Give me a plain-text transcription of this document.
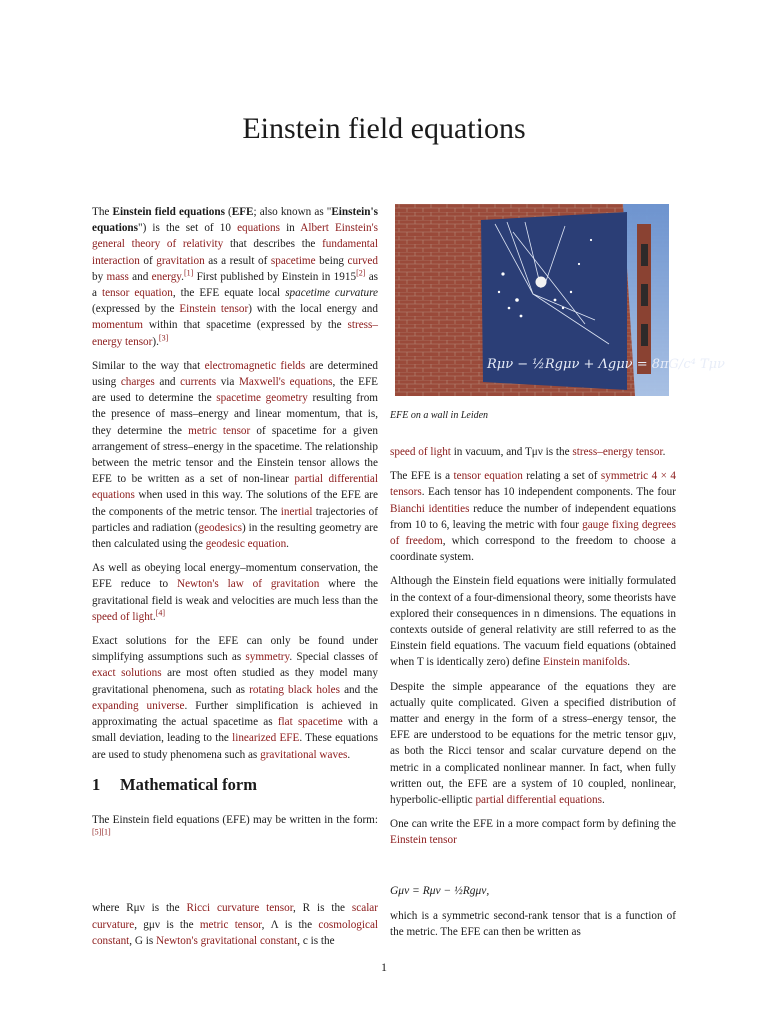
Einstein field equations

The Einstein field equations (EFE; also known as "Einstein's equations") is the set of 10 equations in Albert Einstein's general theory of relativity that describes the fundamental interaction of gravitation as a result of spacetime being curved by mass and energy.[1] First published by Einstein in 1915[2] as a tensor equation, the EFE equate local spacetime curvature (expressed by the Einstein tensor) with the local energy and momentum within that spacetime (expressed by the stress–energy tensor).[3]

Similar to the way that electromagnetic fields are determined using charges and currents via Maxwell's equations, the EFE are used to determine the spacetime geometry resulting from the presence of mass–energy and linear momentum, that is, they determine the metric tensor of spacetime for a given arrangement of stress–energy in the spacetime. The relationship between the metric tensor and the Einstein tensor allows the EFE to be written as a set of non-linear partial differential equations when used in this way. The solutions of the EFE are the components of the metric tensor. The inertial trajectories of particles and radiation (geodesics) in the resulting geometry are then calculated using the geodesic equation.

As well as obeying local energy–momentum conservation, the EFE reduce to Newton's law of gravitation where the gravitational field is weak and velocities are much less than the speed of light.[4]

Exact solutions for the EFE can only be found under simplifying assumptions such as symmetry. Special classes of exact solutions are most often studied as they model many gravitational phenomena, such as rotating black holes and the expanding universe. Further simplification is achieved in approximating the actual spacetime as flat spacetime with a small deviation, leading to the linearized EFE. These equations are used to study phenomena such as gravitational waves.

1 Mathematical form

The Einstein field equations (EFE) may be written in the form:[5][1]

where Rμν is the Ricci curvature tensor, R is the scalar curvature, gμν is the metric tensor, Λ is the cosmological constant, G is Newton's gravitational constant, c is the

Rμν − ½Rgμν + Λgμν = 8πG/c⁴ Tμν
EFE on a wall in Leiden

speed of light in vacuum, and Tμν is the stress–energy tensor.

The EFE is a tensor equation relating a set of symmetric 4 × 4 tensors. Each tensor has 10 independent components. The four Bianchi identities reduce the number of independent equations from 10 to 6, leaving the metric with four gauge fixing degrees of freedom, which correspond to the freedom to choose a coordinate system.

Although the Einstein field equations were initially formulated in the context of a four-dimensional theory, some theorists have explored their consequences in n dimensions. The equations in contexts outside of general relativity are still referred to as the Einstein field equations. The vacuum field equations (obtained when T is identically zero) define Einstein manifolds.

Despite the simple appearance of the equations they are actually quite complicated. Given a specified distribution of matter and energy in the form of a stress–energy tensor, the EFE are understood to be equations for the metric tensor gμν, as both the Ricci tensor and scalar curvature depend on the metric in a complicated nonlinear manner. In fact, when fully written out, the EFE are a system of 10 coupled, nonlinear, hyperbolic-elliptic partial differential equations.

One can write the EFE in a more compact form by defining the Einstein tensor

Gμν = Rμν − ½Rgμν,

which is a symmetric second-rank tensor that is a function of the metric. The EFE can then be written as

1
